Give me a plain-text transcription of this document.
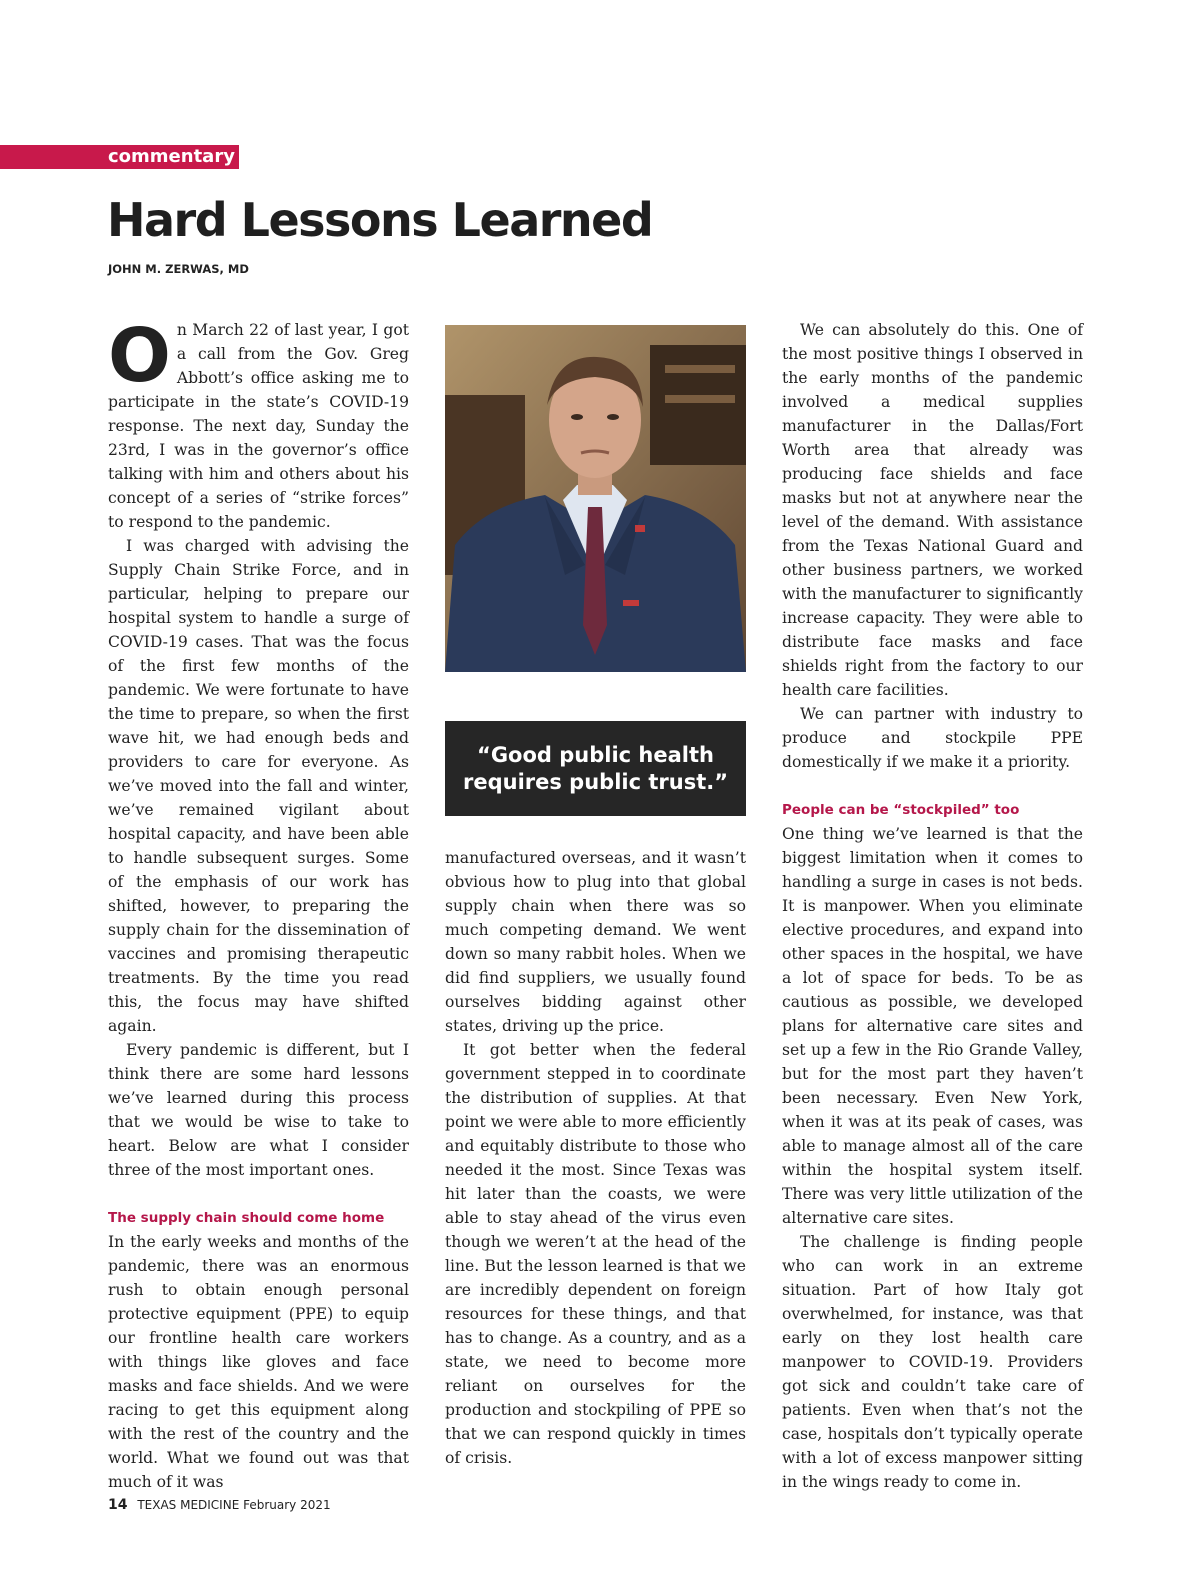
commentary
Hard Lessons Learned
JOHN M. ZERWAS, MD

On March 22 of last year, I got a call from the Gov. Greg Abbott’s office asking me to participate in the state’s COVID-19 response. The next day, Sunday the 23rd, I was in the governor’s office talking with him and others about his concept of a series of “strike forces” to respond to the pandemic.

I was charged with advising the Supply Chain Strike Force, and in particular, helping to prepare our hospital system to handle a surge of COVID-19 cases. That was the focus of the first few months of the pandemic. We were fortunate to have the time to prepare, so when the first wave hit, we had enough beds and providers to care for everyone. As we’ve moved into the fall and winter, we’ve remained vigilant about hospital capacity, and have been able to handle subsequent surges. Some of the emphasis of our work has shifted, however, to preparing the supply chain for the dissemination of vaccines and promising therapeutic treatments. By the time you read this, the focus may have shifted again.

Every pandemic is different, but I think there are some hard lessons we’ve learned during this process that we would be wise to take to heart. Below are what I consider three of the most important ones.

The supply chain should come home

In the early weeks and months of the pandemic, there was an enormous rush to obtain enough personal protective equipment (PPE) to equip our frontline health care workers with things like gloves and face masks and face shields. And we were racing to get this equipment along with the rest of the country and the world. What we found out was that much of it was

“Good public health requires public trust.”

manufactured overseas, and it wasn’t obvious how to plug into that global supply chain when there was so much competing demand. We went down so many rabbit holes. When we did find suppliers, we usually found ourselves bidding against other states, driving up the price.

It got better when the federal government stepped in to coordinate the distribution of supplies. At that point we were able to more efficiently and equitably distribute to those who needed it the most. Since Texas was hit later than the coasts, we were able to stay ahead of the virus even though we weren’t at the head of the line. But the lesson learned is that we are incredibly dependent on foreign resources for these things, and that has to change. As a country, and as a state, we need to become more reliant on ourselves for the production and stockpiling of PPE so that we can respond quickly in times of crisis.

We can absolutely do this. One of the most positive things I observed in the early months of the pandemic involved a medical supplies manufacturer in the Dallas/Fort Worth area that already was producing face shields and face masks but not at anywhere near the level of the demand. With assistance from the Texas National Guard and other business partners, we worked with the manufacturer to significantly increase capacity. They were able to distribute face masks and face shields right from the factory to our health care facilities.

We can partner with industry to produce and stockpile PPE domestically if we make it a priority.

People can be “stockpiled” too

One thing we’ve learned is that the biggest limitation when it comes to handling a surge in cases is not beds. It is manpower. When you eliminate elective procedures, and expand into other spaces in the hospital, we have a lot of space for beds. To be as cautious as possible, we developed plans for alternative care sites and set up a few in the Rio Grande Valley, but for the most part they haven’t been necessary. Even New York, when it was at its peak of cases, was able to manage almost all of the care within the hospital system itself. There was very little utilization of the alternative care sites.

The challenge is finding people who can work in an extreme situation. Part of how Italy got overwhelmed, for instance, was that early on they lost health care manpower to COVID-19. Providers got sick and couldn’t take care of patients. Even when that’s not the case, hospitals don’t typically operate with a lot of excess manpower sitting in the wings ready to come in.

14 TEXAS MEDICINE February 2021
